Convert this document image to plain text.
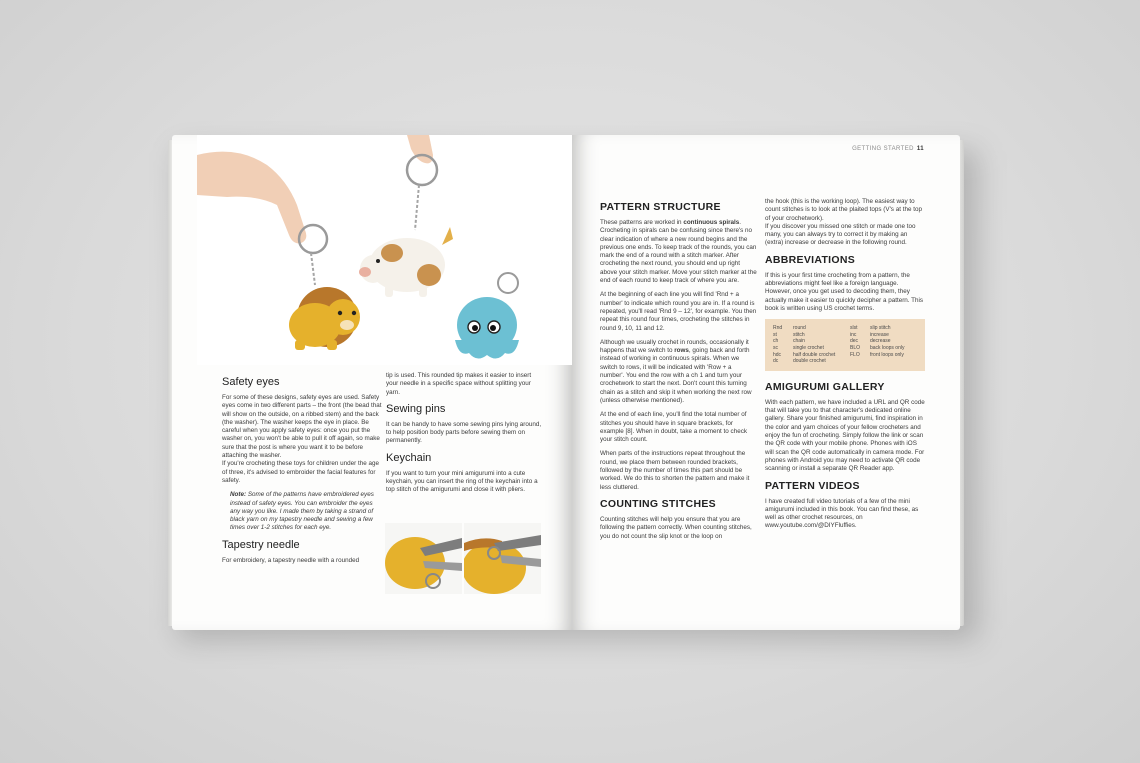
Safety eyes

For some of these designs, safety eyes are used. Safety eyes come in two different parts – the front (the bead that will show on the outside, on a ribbed stem) and the back (the washer). The washer keeps the eye in place. Be careful when you apply safety eyes: once you put the washer on, you won't be able to pull it off again, so make sure that the post is where you want it to be before attaching the washer.

If you're crocheting these toys for children under the age of three, it's advised to embroider the facial features for safety.

Note: Some of the patterns have embroidered eyes instead of safety eyes. You can embroider the eyes any way you like. I made them by taking a strand of black yarn on my tapestry needle and sewing a few times over 1-2 stitches for each eye.

Tapestry needle

For embroidery, a tapestry needle with a rounded

tip is used. This rounded tip makes it easier to insert your needle in a specific space without splitting your yarn.

Sewing pins

It can be handy to have some sewing pins lying around, to help position body parts before sewing them on permanently.

Keychain

If you want to turn your mini amigurumi into a cute keychain, you can insert the ring of the keychain into a top stitch of the amigurumi and close it with pliers.

GETTING STARTED 11
PATTERN STRUCTURE

These patterns are worked in continuous spirals. Crocheting in spirals can be confusing since there's no clear indication of where a new round begins and the previous one ends. To keep track of the rounds, you can mark the end of a round with a stitch marker. After crocheting the next round, you should end up right above your stitch marker. Move your stitch marker at the end of each round to keep track of where you are.

At the beginning of each line you will find 'Rnd + a number' to indicate which round you are in. If a round is repeated, you'll read 'Rnd 9 – 12', for example. You then repeat this round four times, crocheting the stitches in round 9, 10, 11 and 12.

Although we usually crochet in rounds, occasionally it happens that we switch to rows, going back and forth instead of working in continuous spirals. When we switch to rows, it will be indicated with 'Row + a number'. You end the row with a ch 1 and turn your crochetwork to start the next. Don't count this turning chain as a stitch and skip it when working the next row (unless otherwise mentioned).

At the end of each line, you'll find the total number of stitches you should have in square brackets, for example [8]. When in doubt, take a moment to check your stitch count.

When parts of the instructions repeat throughout the round, we place them between rounded brackets, followed by the number of times this part should be worked. We do this to shorten the pattern and make it less cluttered.

COUNTING STITCHES

Counting stitches will help you ensure that you are following the pattern correctly. When counting stitches, you do not count the slip knot or the loop on

the hook (this is the working loop). The easiest way to count stitches is to look at the plaited tops (V's at the top of your crochetwork).

If you discover you missed one stitch or made one too many, you can always try to correct it by making an (extra) increase or decrease in the following round.

ABBREVIATIONS

If this is your first time crocheting from a pattern, the abbreviations might feel like a foreign language. However, once you get used to decoding them, they actually make it easier to quickly decipher a pattern. This book is written using US crochet terms.

Rnd	round	slst	slip stitch
st	stitch	inc	increase
ch	chain	dec	decrease
sc	single crochet	BLO	back loops only
hdc	half double crochet	FLO	front loops only
dc	double crochet
AMIGURUMI GALLERY

With each pattern, we have included a URL and QR code that will take you to that character's dedicated online gallery. Share your finished amigurumi, find inspiration in the color and yarn choices of your fellow crocheters and enjoy the fun of crocheting. Simply follow the link or scan the QR code with your mobile phone. Phones with iOS will scan the QR code automatically in camera mode. For phones with Android you may need to activate QR code scanning or install a separate QR Reader app.

PATTERN VIDEOS

I have created full video tutorials of a few of the mini amigurumi included in this book. You can find these, as well as other crochet resources, on www.youtube.com/@DIYFluffies.
